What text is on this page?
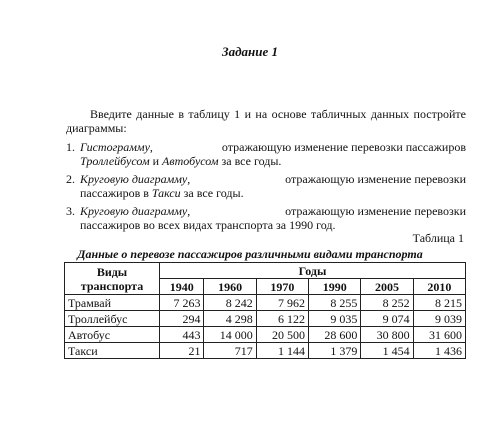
Задание 1
Введите данные в таблицу 1 и на основе табличных данных постройте диаграммы:
1. Гистограмму,	отражающую изменение перевозки пассажиров
Троллейбусом и Автобусом за все годы.
2. Круговую диаграмму,	отражающую изменение перевозки
пассажиров в Такси за все годы.
3. Круговую диаграмму,	отражающую изменение перевозки
пассажиров во всех видах транспорта за 1990 год.
Таблица 1
Данные о перевозе пассажиров различными видами транспорта
Виды транспорта	Годы					
	1940	1960	1970	1990	2005	2010
Трамвай	7 263	8 242	7 962	8 255	8 252	8 215
Троллейбус	294	4 298	6 122	9 035	9 074	9 039
Автобус	443	14 000	20 500	28 600	30 800	31 600
Такси	21	717	1 144	1 379	1 454	1 436
